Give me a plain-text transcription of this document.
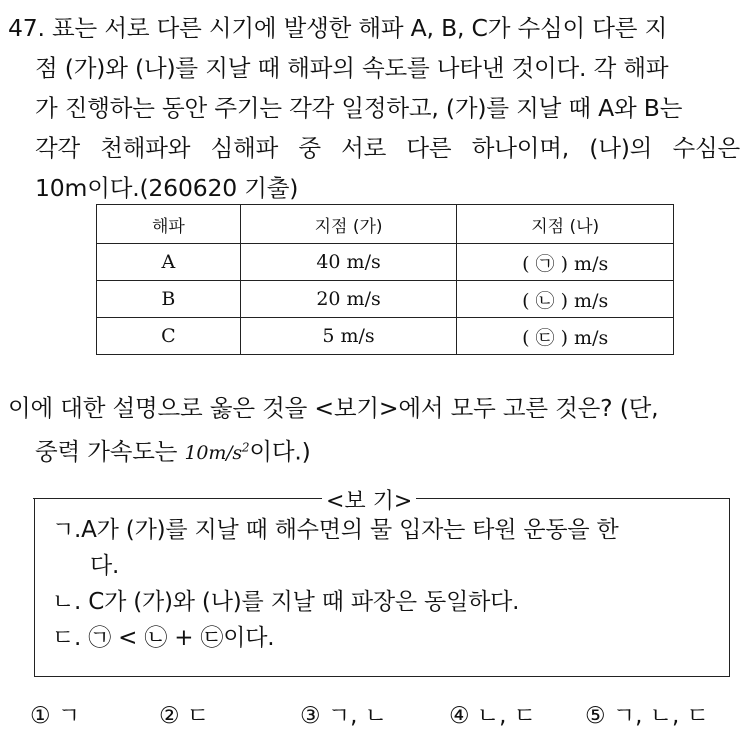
47. 표는 서로 다른 시기에 발생한 해파 A, B, C가 수심이 다른 지
점 (가)와 (나)를 지날 때 해파의 속도를 나타낸 것이다. 각 해파
가 진행하는 동안 주기는 각각 일정하고, (가)를 지날 때 A와 B는
각각 천해파와 심해파 중 서로 다른 하나이며, (나)의 수심은
10m이다.(260620 기출)
해파	지점 (가)	지점 (나)
A	40 m/s	( ㉠ ) m/s
B	20 m/s	( ㉡ ) m/s
C	5 m/s	( ㉢ ) m/s
이에 대한 설명으로 옳은 것을 <보기>에서 모두 고른 것은? (단,
중력 가속도는 $10m/s^2$이다.)
<보 기>
ㄱ.A가 (가)를 지날 때 해수면의 물 입자는 타원 운동을 한
다.
ㄴ. C가 (가)와 (나)를 지날 때 파장은 동일하다.
ㄷ. ㉠ < ㉡ + ㉢이다.
① ㄱ	② ㄷ	③ ㄱ, ㄴ	④ ㄴ, ㄷ ⑤ ㄱ, ㄴ, ㄷ
